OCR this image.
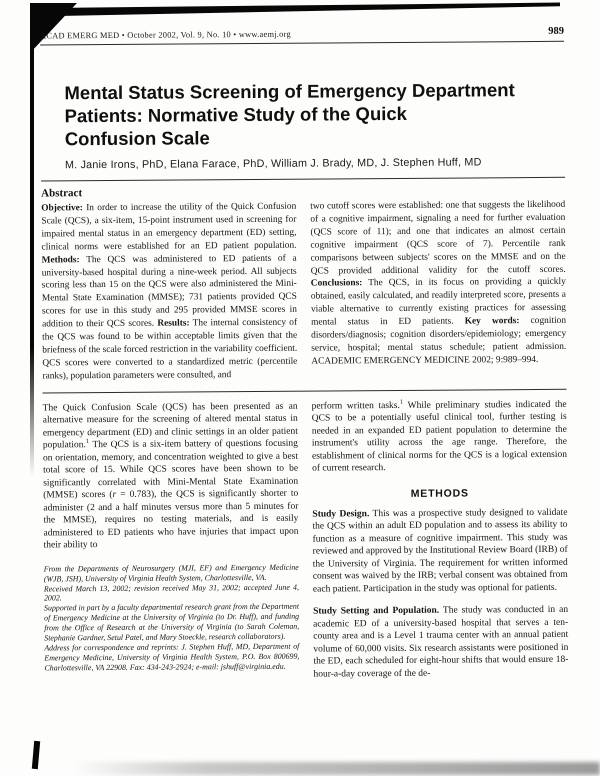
ACAD EMERG MED • October 2002, Vol. 9, No. 10 • www.aemj.org	989
Mental Status Screening of Emergency Department
Patients: Normative Study of the Quick
Confusion Scale
M. Janie Irons, PhD, Elana Farace, PhD, William J. Brady, MD, J. Stephen Huff, MD
Abstract
Objective: In order to increase the utility of the Quick Confusion Scale (QCS), a six-item, 15-point instrument used in screening for impaired mental status in an emergency department (ED) setting, clinical norms were established for an ED patient population. Methods: The QCS was administered to ED patients of a university-based hospital during a nine-week period. All subjects scoring less than 15 on the QCS were also administered the Mini-Mental State Examination (MMSE); 731 patients provided QCS scores for use in this study and 295 provided MMSE scores in addition to their QCS scores. Results: The internal consistency of the QCS was found to be within acceptable limits given that the briefness of the scale forced restriction in the variability coefficient. QCS scores were converted to a standardized metric (percentile ranks), population parameters were consulted, and
two cutoff scores were established: one that suggests the likelihood of a cognitive impairment, signaling a need for further evaluation (QCS score of 11); and one that indicates an almost certain cognitive impairment (QCS score of 7). Percentile rank comparisons between subjects' scores on the MMSE and on the QCS provided additional validity for the cutoff scores. Conclusions: The QCS, in its focus on providing a quickly obtained, easily calculated, and readily interpreted score, presents a viable alternative to currently existing practices for assessing mental status in ED patients. Key words: cognition disorders/diagnosis; cognition disorders/epidemiology; emergency service, hospital; mental status schedule; patient admission. ACADEMIC EMERGENCY MEDICINE 2002; 9:989–994.

The Quick Confusion Scale (QCS) has been presented as an alternative measure for the screening of altered mental status in emergency department (ED) and clinic settings in an older patient population.$^1$ The QCS is a six-item battery of questions focusing on orientation, memory, and concentration weighted to give a best total score of 15. While QCS scores have been shown to be significantly correlated with Mini-Mental State Examination (MMSE) scores (r = 0.783), the QCS is significantly shorter to administer (2 and a half minutes versus more than 5 minutes for the MMSE), requires no testing materials, and is easily administered to ED patients who have injuries that impact upon their ability to

From the Departments of Neurosurgery (MJI, EF) and Emergency Medicine (WJB, JSH), University of Virginia Health System, Charlottesville, VA.

Received March 13, 2002; revision received May 31, 2002; accepted June 4, 2002.

Supported in part by a faculty departmental research grant from the Department of Emergency Medicine at the University of Virginia (to Dr. Huff), and funding from the Office of Research at the University of Virginia (to Sarah Coleman, Stephanie Gardner, Setul Patel, and Mary Stoeckle, research collaborators).

Address for correspondence and reprints: J. Stephen Huff, MD, Department of Emergency Medicine, University of Virginia Health System, P.O. Box 800699, Charlottesville, VA 22908. Fax: 434-243-2924; e-mail: jshuff@virginia.edu.

perform written tasks.$^1$ While preliminary studies indicated the QCS to be a potentially useful clinical tool, further testing is needed in an expanded ED patient population to determine the instrument's utility across the age range. Therefore, the establishment of clinical norms for the QCS is a logical extension of current research.

METHODS

Study Design. This was a prospective study designed to validate the QCS within an adult ED population and to assess its ability to function as a measure of cognitive impairment. This study was reviewed and approved by the Institutional Review Board (IRB) of the University of Virginia. The requirement for written informed consent was waived by the IRB; verbal consent was obtained from each patient. Participation in the study was optional for patients.

Study Setting and Population. The study was conducted in an academic ED of a university-based hospital that serves a ten-county area and is a Level 1 trauma center with an annual patient volume of 60,000 visits. Six research assistants were positioned in the ED, each scheduled for eight-hour shifts that would ensure 18-hour-a-day coverage of the de-
